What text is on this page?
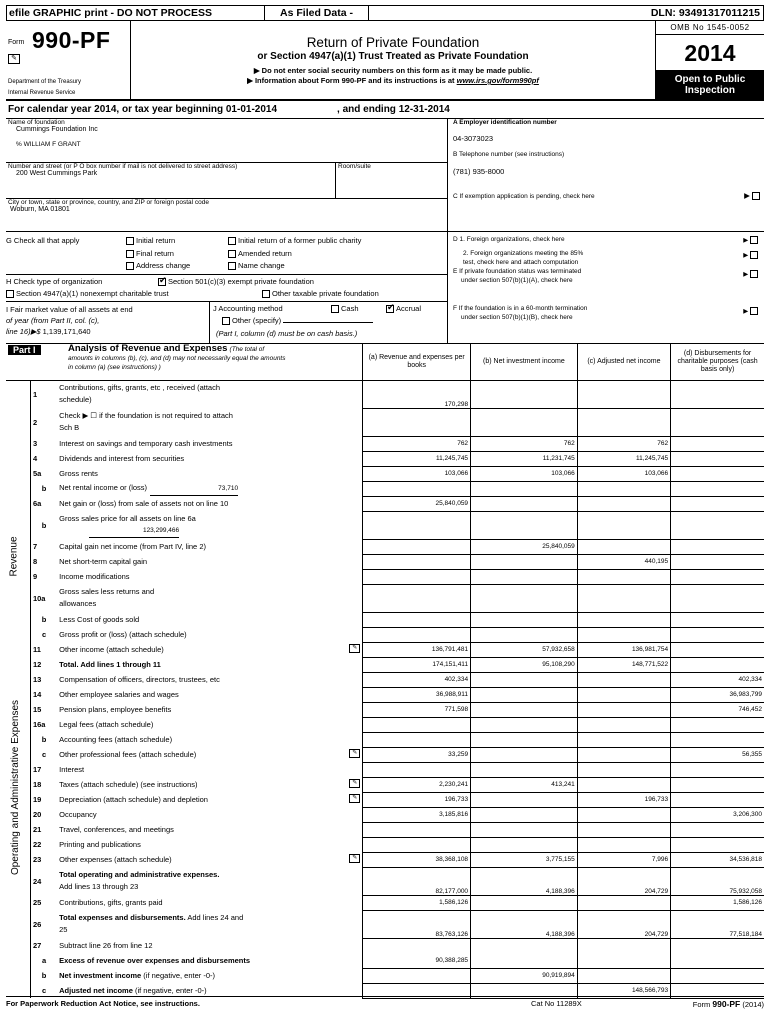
efile GRAPHIC print - DO NOT PROCESS	As Filed Data -	DLN: 93491317011215
Form 990-PF
✎
Department of the Treasury
Internal Revenue Service
Return of Private Foundation
or Section 4947(a)(1) Trust Treated as Private Foundation
▶ Do not enter social security numbers on this form as it may be made public.
▶ Information about Form 990-PF and its instructions is at www.irs.gov/form990pf
OMB No 1545-0052
2014
Open to Public
Inspection
For calendar year 2014, or tax year beginning 01-01-2014	, and ending 12-31-2014
Name of foundation
Cummings Foundation Inc
% WILLIAM F GRANT
Number and street (or P O box number if mail is not delivered to street address)
200 West Cummings Park
Room/suite
City or town, state or province, country, and ZIP or foreign postal code
Woburn, MA 01801
A Employer identification number
04-3073023
B Telephone number (see instructions)
(781) 935-8000
C If exemption application is pending, check here	▶
G Check all that apply	Initial return	Initial return of a former public charity
Final return	Amended return
Address change	Name change
H Check type of organization ✔	Section 501(c)(3) exempt private foundation
Section 4947(a)(1) nonexempt charitable trust	Other taxable private foundation
I Fair market value of all assets at end
of year (from Part II, col. (c),
line 16)▶$ 1,139,171,640
J Accounting method	Cash ✔	Accrual
Other (specify)
(Part I, column (d) must be on cash basis.)
D 1. Foreign organizations, check here	▶
2. Foreign organizations meeting the 85%
test, check here and attach computation
▶
E If private foundation status was terminated
under section 507(b)(1)(A), check here
▶
F If the foundation is in a 60-month termination
under section 507(b)(1)(B), check here
▶
Part I Analysis of Revenue and Expenses (The total of amounts in columns (b), (c), and (d) may not necessarily equal the amounts in column (a) (see instructions) )			(a) Revenue and expenses per books	(b) Net investment income	(c) Adjusted net income	(d) Disbursements for charitable purposes (cash basis only)

Revenue	1	Contributions, gifts, grants, etc , received (attach
schedule)	170,298			
	2	Check ▶ ☐ if the foundation is not required to attach
Sch B				

	3	Interest on savings and temporary cash investments	762	762	762	
	4	Dividends and interest from securities	11,245,745	11,231,745	11,245,745	
	5a	Gross rents	103,066	103,066	103,066	
	b	Net rental income or (loss) 73,710				
	6a	Net gain or (loss) from sale of assets not on line 10	25,840,059			
	b	Gross sales price for all assets on line 6a
123,299,466				

	7	Capital gain net income (from Part IV, line 2)		25,840,059		
	8	Net short-term capital gain			440,195	
	9	Income modifications				
	10a	Gross sales less returns and
allowances				

	b	Less Cost of goods sold				
	c	Gross profit or (loss) (attach schedule)				
	11	Other income (attach schedule) ✎	136,791,481	57,932,658	136,981,754	
	12	Total. Add lines 1 through 11	174,151,411	95,108,290	148,771,522	

Operating and Administrative Expenses	13	Compensation of officers, directors, trustees, etc	402,334			402,334
	14	Other employee salaries and wages	36,988,911			36,983,799
	15	Pension plans, employee benefits	771,598			746,452
	16a	Legal fees (attach schedule)				
	b	Accounting fees (attach schedule)				
	c	Other professional fees (attach schedule) ✎	33,259			56,355
	17	Interest				
	18	Taxes (attach schedule) (see instructions) ✎	2,230,241	413,241		
	19	Depreciation (attach schedule) and depletion ✎	196,733		196,733	
	20	Occupancy	3,185,816			3,206,300
	21	Travel, conferences, and meetings				
	22	Printing and publications				
	23	Other expenses (attach schedule) ✎	38,368,108	3,775,155	7,996	34,536,818
	24	Total operating and administrative expenses.
Add lines 13 through 23	82,177,000	4,188,396	204,729	75,932,058
	25	Contributions, gifts, grants paid	1,586,126			1,586,126
	26	Total expenses and disbursements. Add lines 24 and
25	83,763,126	4,188,396	204,729	77,518,184
	27	Subtract line 26 from line 12				
	a	Excess of revenue over expenses and disbursements	90,388,285			
	b	Net investment income (if negative, enter -0-)		90,919,894		
	c	Adjusted net income (if negative, enter -0-)			148,566,793	
For Paperwork Reduction Act Notice, see instructions.	Cat No 11289X	Form 990-PF (2014)
